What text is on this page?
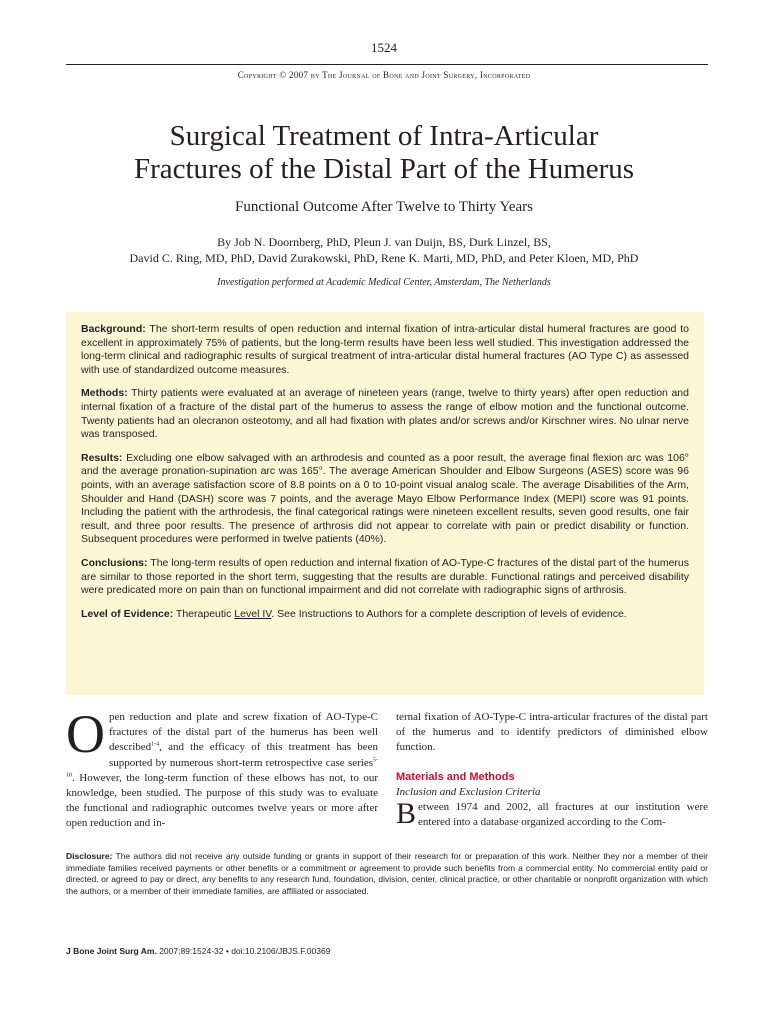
1524
Copyright © 2007 by The Journal of Bone and Joint Surgery, Incorporated
Surgical Treatment of Intra-Articular
Fractures of the Distal Part of the Humerus
Functional Outcome After Twelve to Thirty Years
By Job N. Doornberg, PhD, Pleun J. van Duijn, BS, Durk Linzel, BS,
David C. Ring, MD, PhD, David Zurakowski, PhD, Rene K. Marti, MD, PhD, and Peter Kloen, MD, PhD
Investigation performed at Academic Medical Center, Amsterdam, The Netherlands

Background: The short-term results of open reduction and internal fixation of intra-articular distal humeral fractures are good to excellent in approximately 75% of patients, but the long-term results have been less well studied. This investigation addressed the long-term clinical and radiographic results of surgical treatment of intra-articular distal humeral fractures (AO Type C) as assessed with use of standardized outcome measures.

Methods: Thirty patients were evaluated at an average of nineteen years (range, twelve to thirty years) after open reduction and internal fixation of a fracture of the distal part of the humerus to assess the range of elbow motion and the functional outcome. Twenty patients had an olecranon osteotomy, and all had fixation with plates and/or screws and/or Kirschner wires. No ulnar nerve was transposed.

Results: Excluding one elbow salvaged with an arthrodesis and counted as a poor result, the average final flexion arc was 106° and the average pronation-supination arc was 165°. The average American Shoulder and Elbow Surgeons (ASES) score was 96 points, with an average satisfaction score of 8.8 points on a 0 to 10-point visual analog scale. The average Disabilities of the Arm, Shoulder and Hand (DASH) score was 7 points, and the average Mayo Elbow Performance Index (MEPI) score was 91 points. Including the patient with the arthrodesis, the final categorical ratings were nineteen excellent results, seven good results, one fair result, and three poor results. The presence of arthrosis did not appear to correlate with pain or predict disability or function. Subsequent procedures were performed in twelve patients (40%).

Conclusions: The long-term results of open reduction and internal fixation of AO-Type-C fractures of the distal part of the humerus are similar to those reported in the short term, suggesting that the results are durable. Functional ratings and perceived disability were predicated more on pain than on functional impairment and did not correlate with radiographic signs of arthrosis.

Level of Evidence: Therapeutic Level IV. See Instructions to Authors for a complete description of levels of evidence.

Open reduction and plate and screw fixation of AO-Type-C fractures of the distal part of the humerus has been well described$^{1-4}$, and the efficacy of this treatment has been supported by numerous short-term retrospective case series$^{5-10}$. However, the long-term function of these elbows has not, to our knowledge, been studied. The purpose of this study was to evaluate the functional and radiographic outcomes twelve years or more after open reduction and in-

ternal fixation of AO-Type-C intra-articular fractures of the distal part of the humerus and to identify predictors of diminished elbow function.

Materials and Methods
Inclusion and Exclusion Criteria

Between 1974 and 2002, all fractures at our institution were entered into a database organized according to the Com-

Disclosure: The authors did not receive any outside funding or grants in support of their research for or preparation of this work. Neither they nor a member of their immediate families received payments or other benefits or a commitment or agreement to provide such benefits from a commercial entity. No commercial entity paid or directed, or agreed to pay or direct, any benefits to any research fund, foundation, division, center, clinical practice, or other charitable or nonprofit organization with which the authors, or a member of their immediate families, are affiliated or associated.
J Bone Joint Surg Am. 2007;89:1524-32 • doi:10.2106/JBJS.F.00369
